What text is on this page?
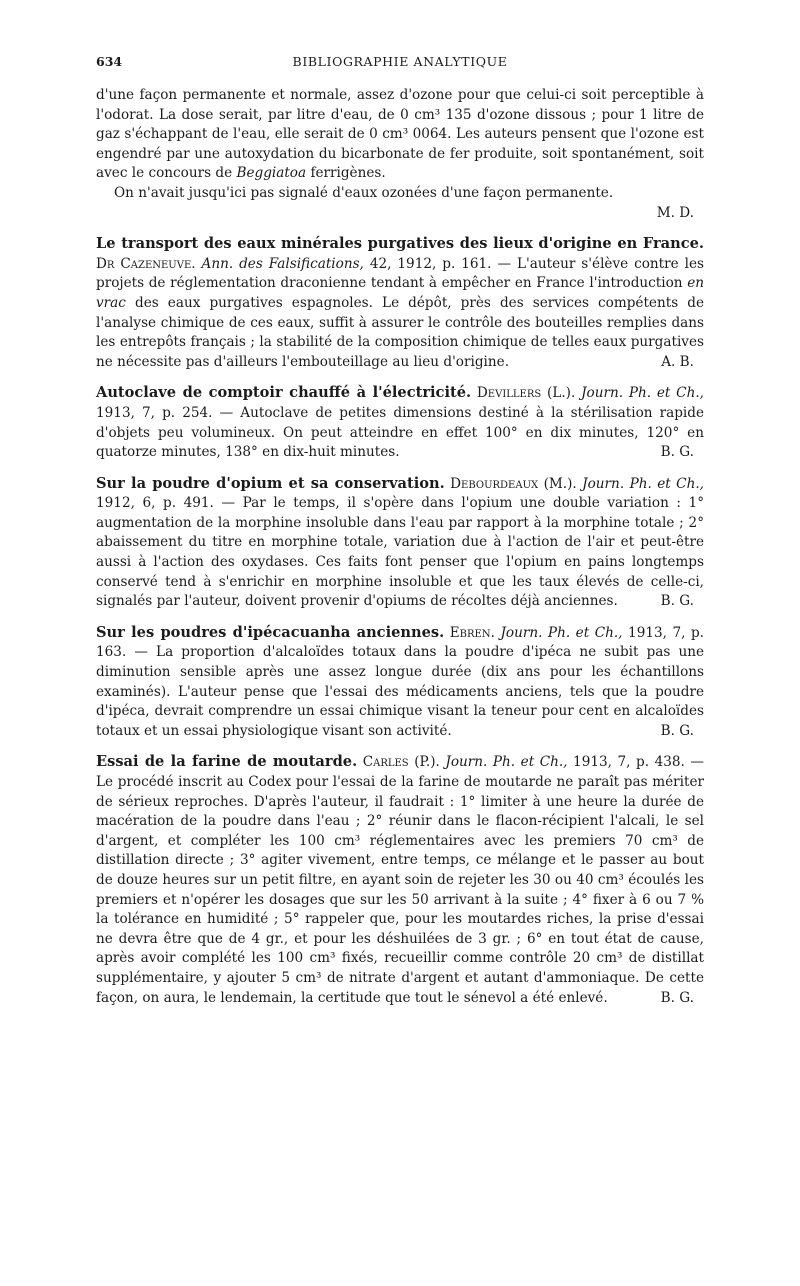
634	BIBLIOGRAPHIE ANALYTIQUE

d'une façon permanente et normale, assez d'ozone pour que celui-ci soit perceptible à l'odorat. La dose serait, par litre d'eau, de 0 cm³ 135 d'ozone dissous ; pour 1 litre de gaz s'échappant de l'eau, elle serait de 0 cm³ 0064. Les auteurs pensent que l'ozone est engendré par une autoxydation du bicarbonate de fer produite, soit spontanément, soit avec le concours de Beggiatoa ferrigènes.

On n'avait jusqu'ici pas signalé d'eaux ozonées d'une façon permanente.

M. D.
Le transport des eaux minérales purgatives des lieux d'origine en France. Dr Cazeneuve. Ann. des Falsifications, 42, 1912, p. 161. — L'auteur s'élève contre les projets de réglementation draconienne tendant à empêcher en France l'introduction en vrac des eaux purgatives espagnoles. Le dépôt, près des services compétents de l'analyse chimique de ces eaux, suffit à assurer le contrôle des bouteilles remplies dans les entrepôts français ; la stabilité de la composition chimique de telles eaux purgatives ne nécessite pas d'ailleurs l'embouteillage au lieu d'origine.	A. B.
Autoclave de comptoir chauffé à l'électricité. Devillers (L.). Journ. Ph. et Ch., 1913, 7, p. 254. — Autoclave de petites dimensions destiné à la stérilisation rapide d'objets peu volumineux. On peut atteindre en effet 100° en dix minutes, 120° en quatorze minutes, 138° en dix-huit minutes.	B. G.
Sur la poudre d'opium et sa conservation. Debourdeaux (M.). Journ. Ph. et Ch., 1912, 6, p. 491. — Par le temps, il s'opère dans l'opium une double variation : 1° augmentation de la morphine insoluble dans l'eau par rapport à la morphine totale ; 2° abaissement du titre en morphine totale, variation due à l'action de l'air et peut-être aussi à l'action des oxydases. Ces faits font penser que l'opium en pains longtemps conservé tend à s'enrichir en morphine insoluble et que les taux élevés de celle-ci, signalés par l'auteur, doivent provenir d'opiums de récoltes déjà anciennes.	B. G.
Sur les poudres d'ipécacuanha anciennes. Ebren. Journ. Ph. et Ch., 1913, 7, p. 163. — La proportion d'alcaloïdes totaux dans la poudre d'ipéca ne subit pas une diminution sensible après une assez longue durée (dix ans pour les échantillons examinés). L'auteur pense que l'essai des médicaments anciens, tels que la poudre d'ipéca, devrait comprendre un essai chimique visant la teneur pour cent en alcaloïdes totaux et un essai physiologique visant son activité.	B. G.
Essai de la farine de moutarde. Carles (P.). Journ. Ph. et Ch., 1913, 7, p. 438. — Le procédé inscrit au Codex pour l'essai de la farine de moutarde ne paraît pas mériter de sérieux reproches. D'après l'auteur, il faudrait : 1° limiter à une heure la durée de macération de la poudre dans l'eau ; 2° réunir dans le flacon-récipient l'alcali, le sel d'argent, et compléter les 100 cm³ réglementaires avec les premiers 70 cm³ de distillation directe ; 3° agiter vivement, entre temps, ce mélange et le passer au bout de douze heures sur un petit filtre, en ayant soin de rejeter les 30 ou 40 cm³ écoulés les premiers et n'opérer les dosages que sur les 50 arrivant à la suite ; 4° fixer à 6 ou 7 % la tolérance en humidité ; 5° rappeler que, pour les moutardes riches, la prise d'essai ne devra être que de 4 gr., et pour les déshuilées de 3 gr. ; 6° en tout état de cause, après avoir complété les 100 cm³ fixés, recueillir comme contrôle 20 cm³ de distillat supplémentaire, y ajouter 5 cm³ de nitrate d'argent et autant d'ammoniaque. De cette façon, on aura, le lendemain, la certitude que tout le sénevol a été enlevé.	B. G.
